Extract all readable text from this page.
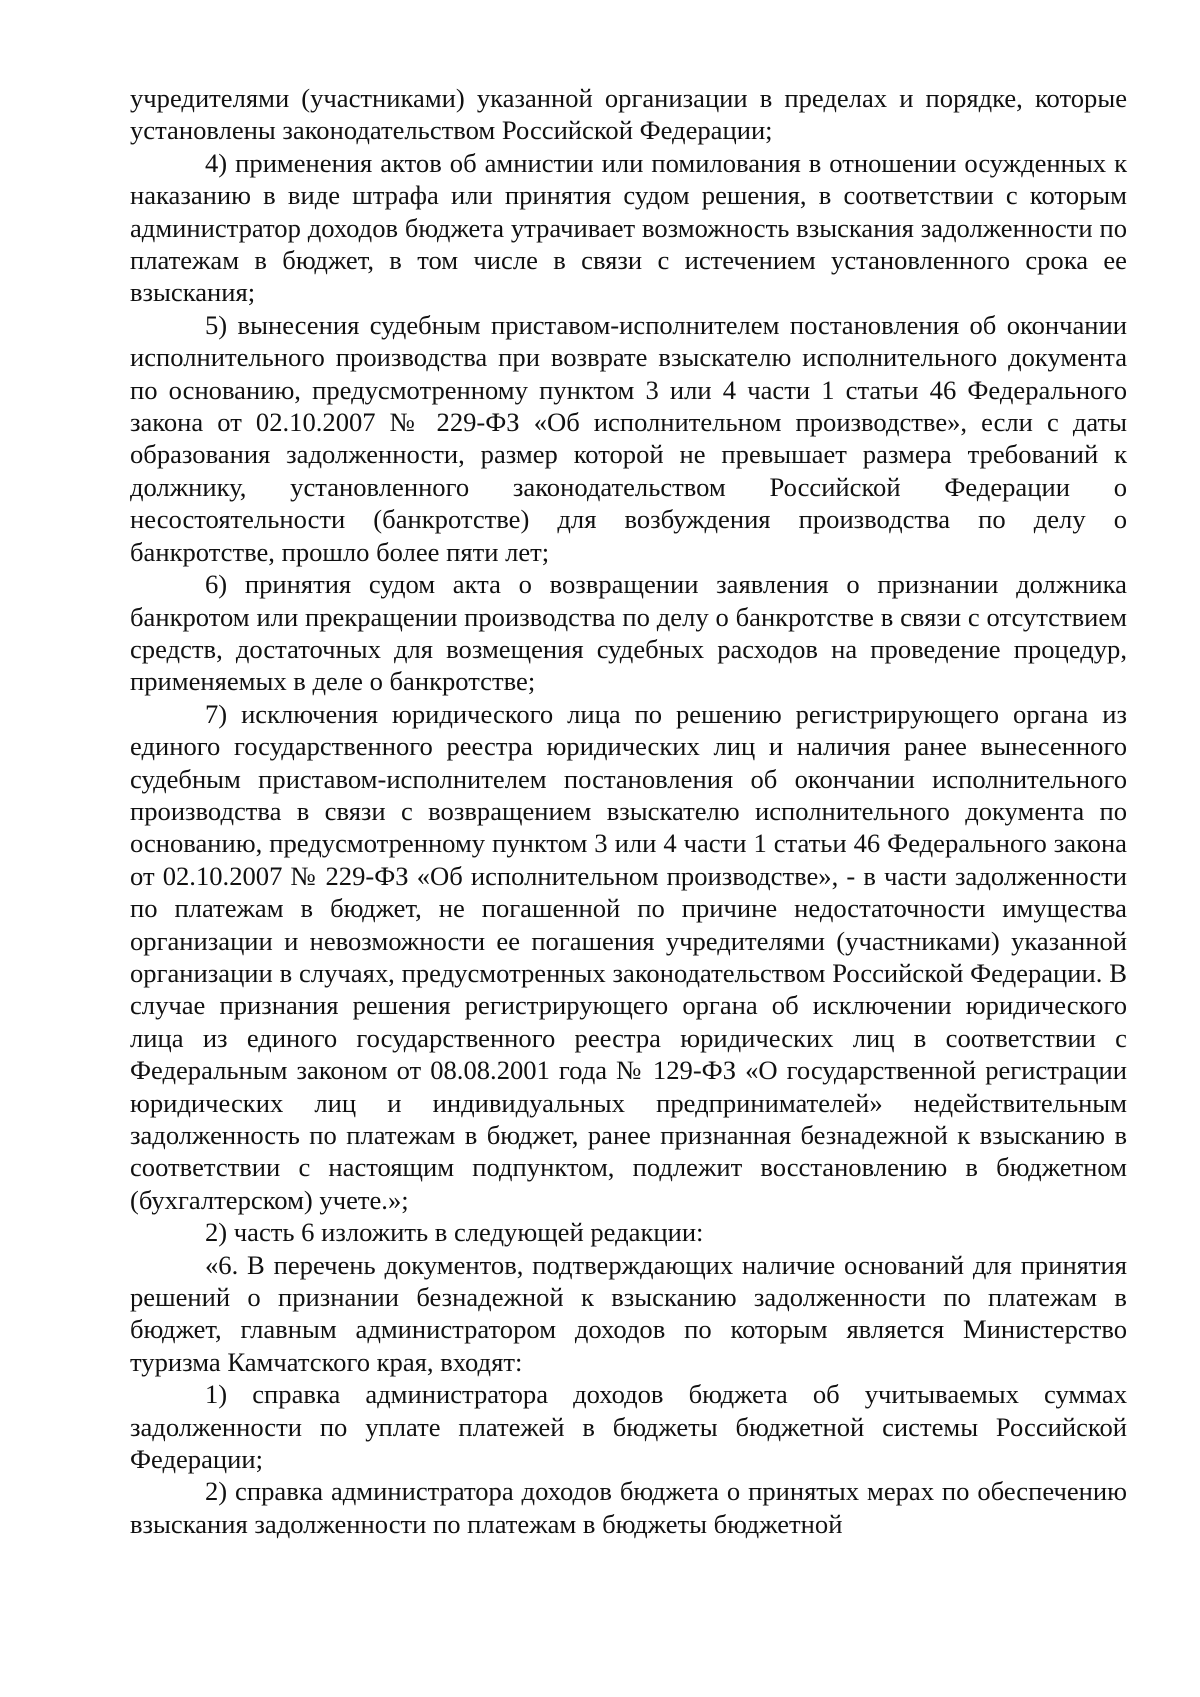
учредителями (участниками) указанной организации в пределах и порядке, которые установлены законодательством Российской Федерации;

4) применения актов об амнистии или помилования в отношении осужденных к наказанию в виде штрафа или принятия судом решения, в соответствии с которым администратор доходов бюджета утрачивает возможность взыскания задолженности по платежам в бюджет, в том числе в связи с истечением установленного срока ее взыскания;

5) вынесения судебным приставом-исполнителем постановления об окончании исполнительного производства при возврате взыскателю исполнительного документа по основанию, предусмотренному пунктом 3 или 4 части 1 статьи 46 Федерального закона от 02.10.2007 № 229-ФЗ «Об исполнительном производстве», если с даты образования задолженности, размер которой не превышает размера требований к должнику, установленного законодательством Российской Федерации о несостоятельности (банкротстве) для возбуждения производства по делу о банкротстве, прошло более пяти лет;

6) принятия судом акта о возвращении заявления о признании должника банкротом или прекращении производства по делу о банкротстве в связи с отсутствием средств, достаточных для возмещения судебных расходов на проведение процедур, применяемых в деле о банкротстве;

7) исключения юридического лица по решению регистрирующего органа из единого государственного реестра юридических лиц и наличия ранее вынесенного судебным приставом-исполнителем постановления об окончании исполнительного производства в связи с возвращением взыскателю исполнительного документа по основанию, предусмотренному пунктом 3 или 4 части 1 статьи 46 Федерального закона от 02.10.2007 № 229-ФЗ «Об исполнительном производстве», - в части задолженности по платежам в бюджет, не погашенной по причине недостаточности имущества организации и невозможности ее погашения учредителями (участниками) указанной организации в случаях, предусмотренных законодательством Российской Федерации. В случае признания решения регистрирующего органа об исключении юридического лица из единого государственного реестра юридических лиц в соответствии с Федеральным законом от 08.08.2001 года № 129-ФЗ «О государственной регистрации юридических лиц и индивидуальных предпринимателей» недействительным задолженность по платежам в бюджет, ранее признанная безнадежной к взысканию в соответствии с настоящим подпунктом, подлежит восстановлению в бюджетном (бухгалтерском) учете.»;

2) часть 6 изложить в следующей редакции:

«6. В перечень документов, подтверждающих наличие оснований для принятия решений о признании безнадежной к взысканию задолженности по платежам в бюджет, главным администратором доходов по которым является Министерство туризма Камчатского края, входят:

1) справка администратора доходов бюджета об учитываемых суммах задолженности по уплате платежей в бюджеты бюджетной системы Российской Федерации;

2) справка администратора доходов бюджета о принятых мерах по обеспечению взыскания задолженности по платежам в бюджеты бюджетной
